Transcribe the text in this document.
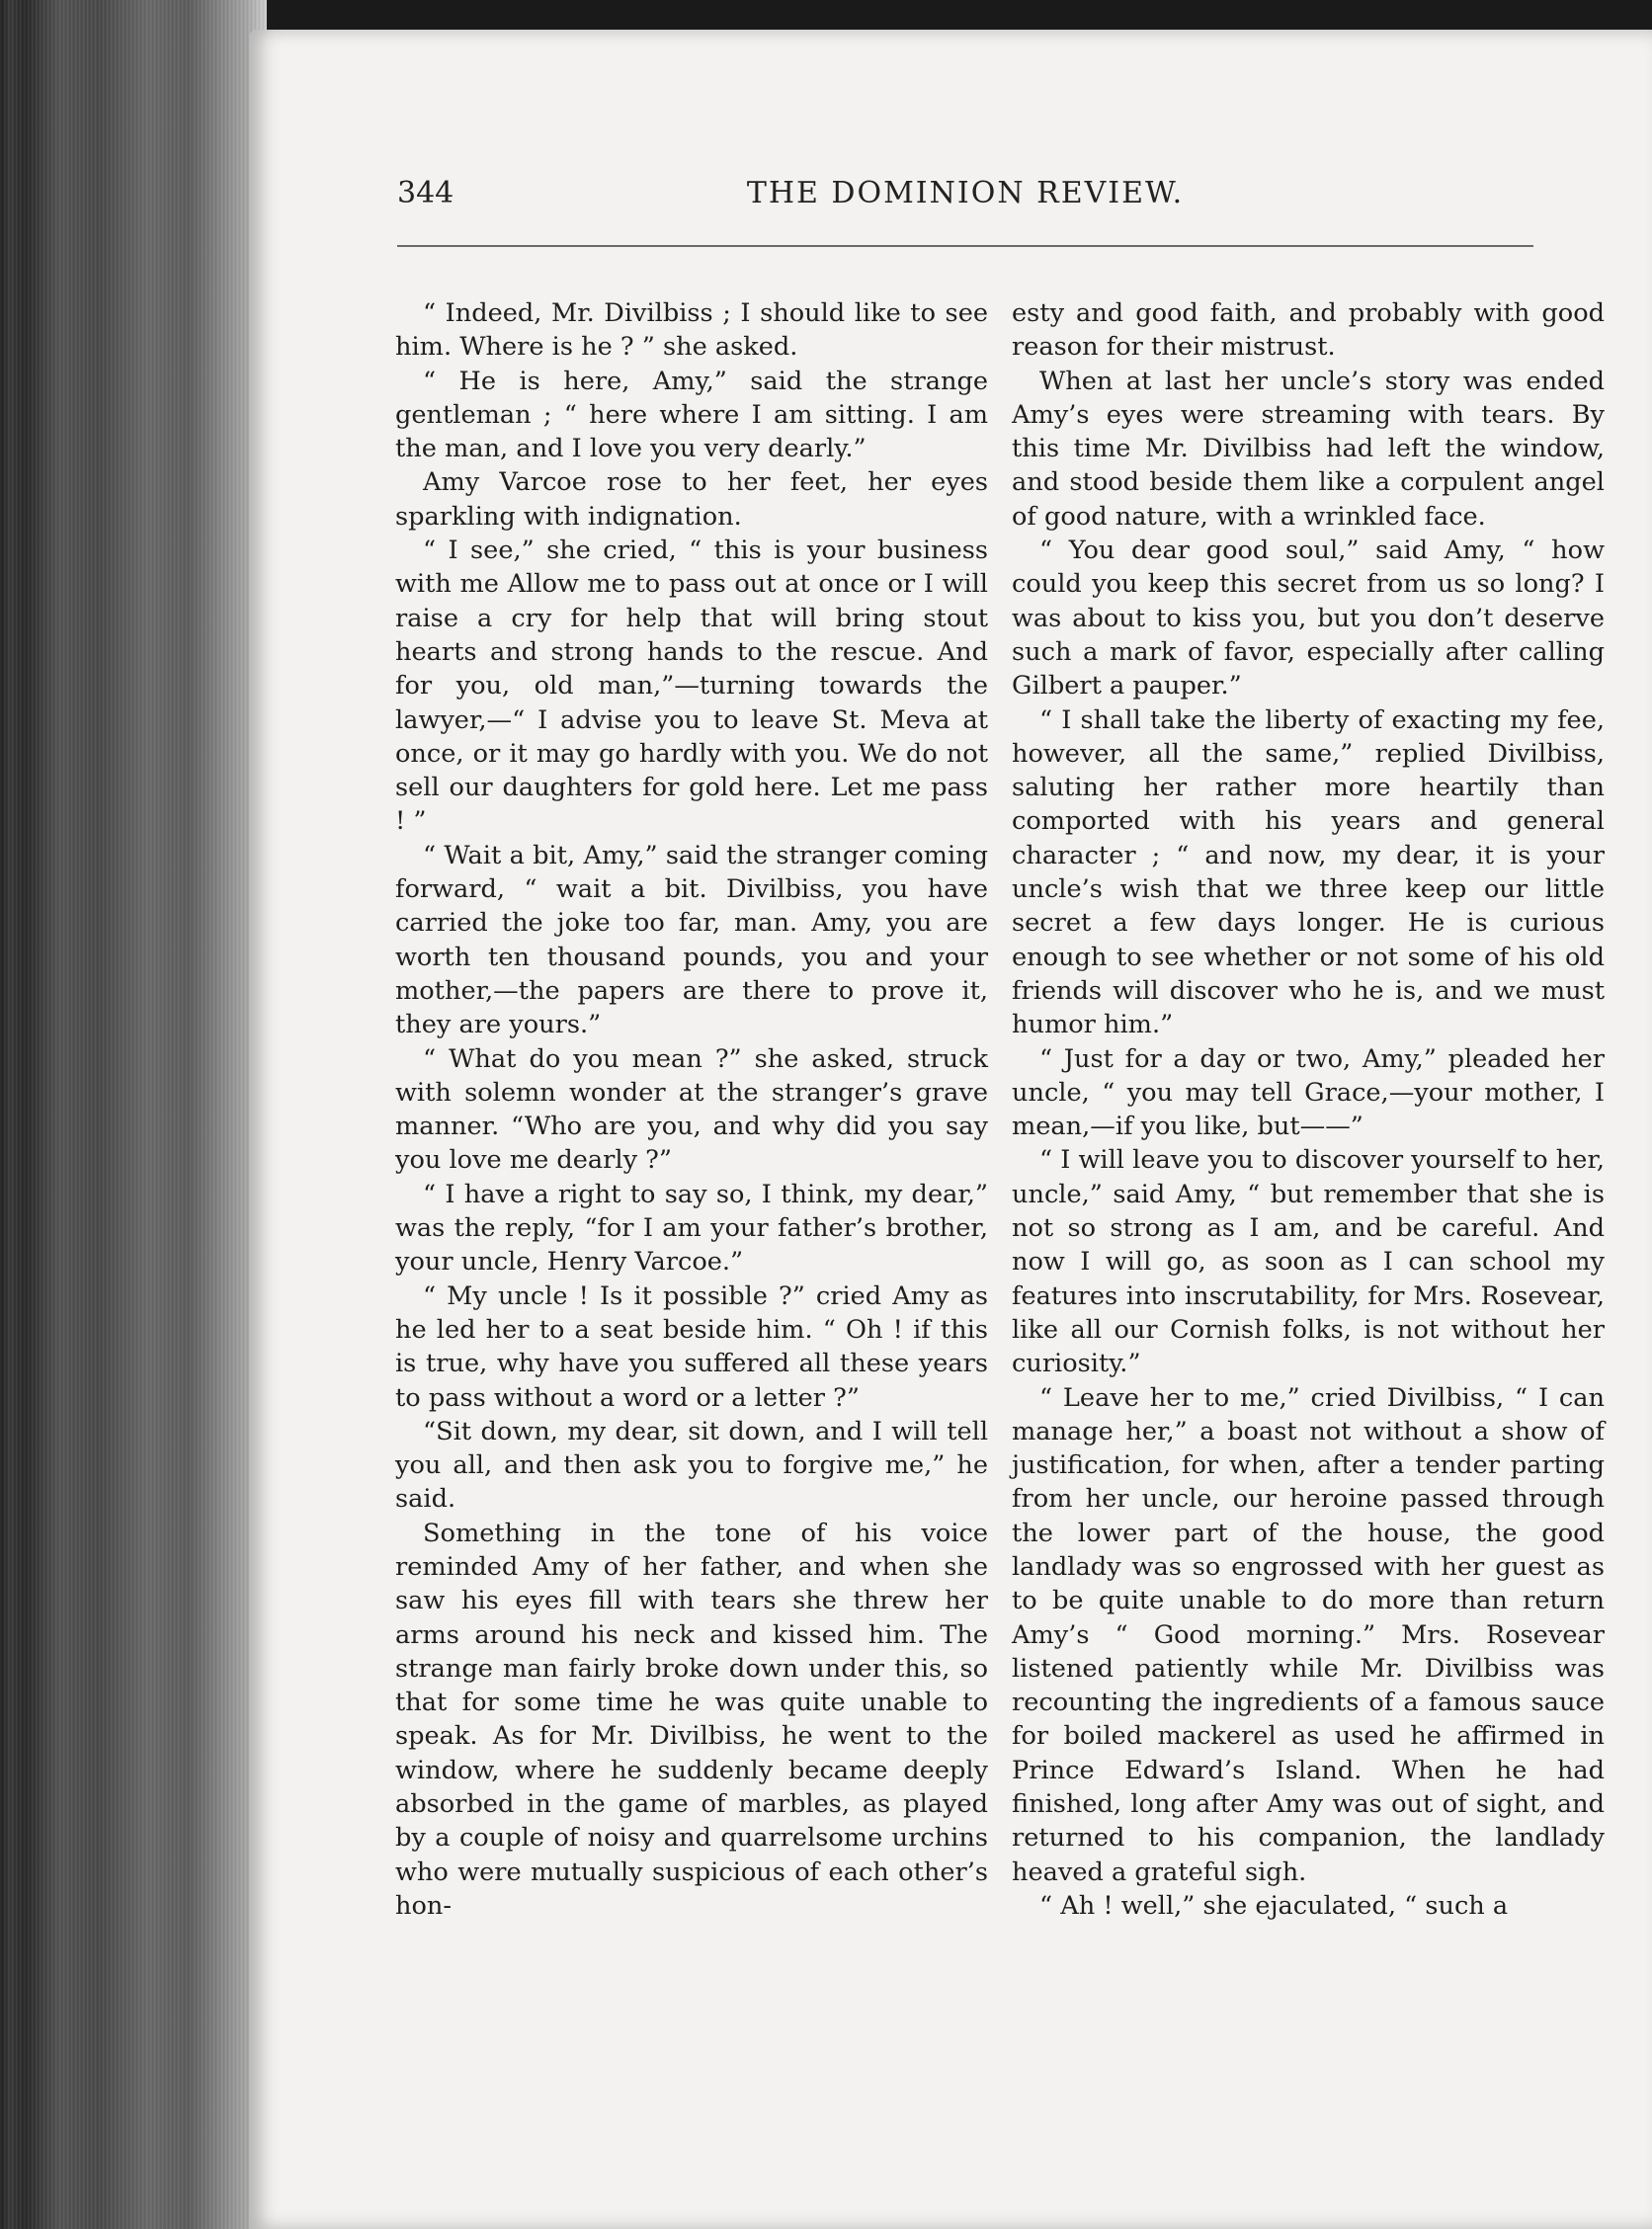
344	THE DOMINION REVIEW.

“ Indeed, Mr. Divilbiss ; I should like to see him. Where is he ? ” she asked.

“ He is here, Amy,” said the strange gentleman ; “ here where I am sitting. I am the man, and I love you very dearly.”

Amy Varcoe rose to her feet, her eyes sparkling with indignation.

“ I see,” she cried, “ this is your business with me Allow me to pass out at once or I will raise a cry for help that will bring stout hearts and strong hands to the rescue. And for you, old man,”—turning towards the lawyer,—“ I advise you to leave St. Meva at once, or it may go hardly with you. We do not sell our daughters for gold here. Let me pass ! ”

“ Wait a bit, Amy,” said the stranger coming forward, “ wait a bit. Divilbiss, you have carried the joke too far, man. Amy, you are worth ten thousand pounds, you and your mother,—the papers are there to prove it, they are yours.”

“ What do you mean ?” she asked, struck with solemn wonder at the stranger’s grave manner. “Who are you, and why did you say you love me dearly ?”

“ I have a right to say so, I think, my dear,” was the reply, “for I am your father’s brother, your uncle, Henry Varcoe.”

“ My uncle ! Is it possible ?” cried Amy as he led her to a seat beside him. “ Oh ! if this is true, why have you suffered all these years to pass without a word or a letter ?”

“Sit down, my dear, sit down, and I will tell you all, and then ask you to forgive me,” he said.

Something in the tone of his voice reminded Amy of her father, and when she saw his eyes fill with tears she threw her arms around his neck and kissed him. The strange man fairly broke down under this, so that for some time he was quite unable to speak. As for Mr. Divilbiss, he went to the window, where he suddenly became deeply absorbed in the game of marbles, as played by a couple of noisy and quarrelsome urchins who were mutually suspicious of each other’s hon-

esty and good faith, and probably with good reason for their mistrust.

When at last her uncle’s story was ended Amy’s eyes were streaming with tears. By this time Mr. Divilbiss had left the window, and stood beside them like a corpulent angel of good nature, with a wrinkled face.

“ You dear good soul,” said Amy, “ how could you keep this secret from us so long? I was about to kiss you, but you don’t deserve such a mark of favor, especially after calling Gilbert a pauper.”

“ I shall take the liberty of exacting my fee, however, all the same,” replied Divilbiss, saluting her rather more heartily than comported with his years and general character ; “ and now, my dear, it is your uncle’s wish that we three keep our little secret a few days longer. He is curious enough to see whether or not some of his old friends will discover who he is, and we must humor him.”

“ Just for a day or two, Amy,” pleaded her uncle, “ you may tell Grace,—your mother, I mean,—if you like, but——”

“ I will leave you to discover yourself to her, uncle,” said Amy, “ but remember that she is not so strong as I am, and be careful. And now I will go, as soon as I can school my features into inscrutability, for Mrs. Rosevear, like all our Cornish folks, is not without her curiosity.”

“ Leave her to me,” cried Divilbiss, “ I can manage her,” a boast not without a show of justification, for when, after a tender parting from her uncle, our heroine passed through the lower part of the house, the good landlady was so engrossed with her guest as to be quite unable to do more than return Amy’s “ Good morning.” Mrs. Rosevear listened patiently while Mr. Divilbiss was recounting the ingredients of a famous sauce for boiled mackerel as used he affirmed in Prince Edward’s Island. When he had finished, long after Amy was out of sight, and returned to his companion, the landlady heaved a grateful sigh.

“ Ah ! well,” she ejaculated, “ such a
